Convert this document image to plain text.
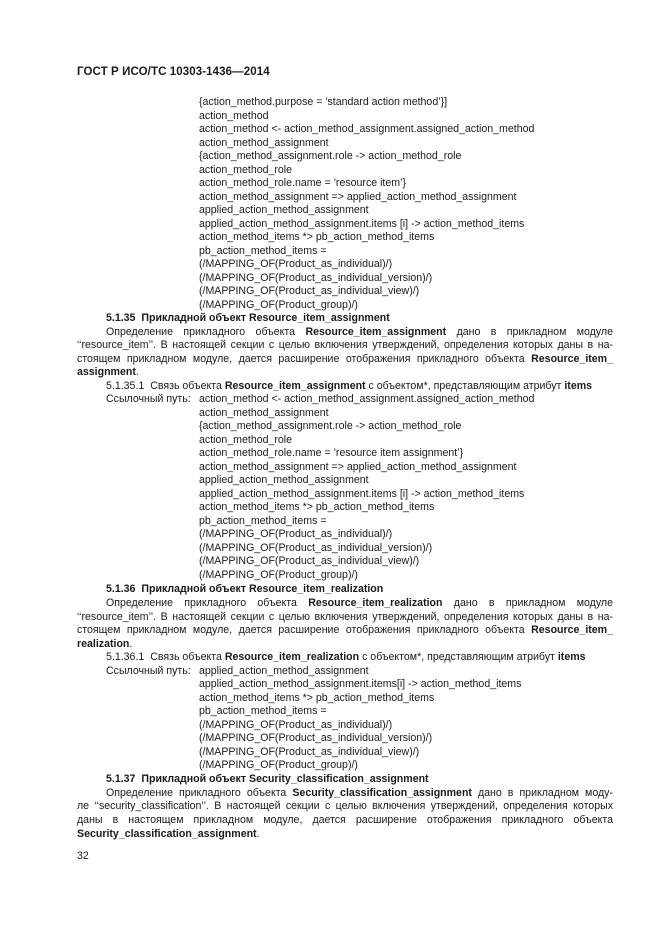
ГОСТ Р ИСО/ТС 10303-1436—2014
{action_method.purpose = ’standard action method’}]
action_method
action_method <- action_method_assignment.assigned_action_method
action_method_assignment
{action_method_assignment.role -> action_method_role
action_method_role
action_method_role.name = ’resource item’}
action_method_assignment => applied_action_method_assignment
applied_action_method_assignment
applied_action_method_assignment.items [i] -> action_method_items
action_method_items *> pb_action_method_items
pb_action_method_items =
(/MAPPING_OF(Product_as_individual)/)
(/MAPPING_OF(Product_as_individual_version)/)
(/MAPPING_OF(Product_as_individual_view)/)
(/MAPPING_OF(Product_group)/)
5.1.35 Прикладной объект Resource_item_assignment
Определение прикладного объекта Resource_item_assignment дано в прикладном модуле
‘‘resource_item’’. В настоящей секции с целью включения утверждений, определения которых даны в на-
стоящем прикладном модуле, дается расширение отображения прикладного объекта Resource_item_
assignment.
5.1.35.1 Связь объекта Resource_item_assignment с объектом*, представляющим атрибут items
Ссылочный путь: action_method <- action_method_assignment.assigned_action_method
action_method_assignment
{action_method_assignment.role -> action_method_role
action_method_role
action_method_role.name = ’resource item assignment’}
action_method_assignment => applied_action_method_assignment
applied_action_method_assignment
applied_action_method_assignment.items [i] -> action_method_items
action_method_items *> pb_action_method_items
pb_action_method_items =
(/MAPPING_OF(Product_as_individual)/)
(/MAPPING_OF(Product_as_individual_version)/)
(/MAPPING_OF(Product_as_individual_view)/)
(/MAPPING_OF(Product_group)/)
5.1.36 Прикладной объект Resource_item_realization
Определение прикладного объекта Resource_item_realization дано в прикладном модуле
‘‘resource_item’’. В настоящей секции с целью включения утверждений, определения которых даны в на-
стоящем прикладном модуле, дается расширение отображения прикладного объекта Resource_item_
realization.
5.1.36.1 Связь объекта Resource_item_realization с объектом*, представляющим атрибут items
Ссылочный путь: applied_action_method_assignment
applied_action_method_assignment.items[i] -> action_method_items
action_method_items *> pb_action_method_items
pb_action_method_items =
(/MAPPING_OF(Product_as_individual)/)
(/MAPPING_OF(Product_as_individual_version)/)
(/MAPPING_OF(Product_as_individual_view)/)
(/MAPPING_OF(Product_group)/)
5.1.37 Прикладной объект Security_classification_assignment
Определение прикладного объекта Security_classification_assignment дано в прикладном моду-
ле ‘‘security_classification’’. В настоящей секции с целью включения утверждений, определения которых
даны в настоящем прикладном модуле, дается расширение отображения прикладного объекта
Security_classification_assignment.
32
